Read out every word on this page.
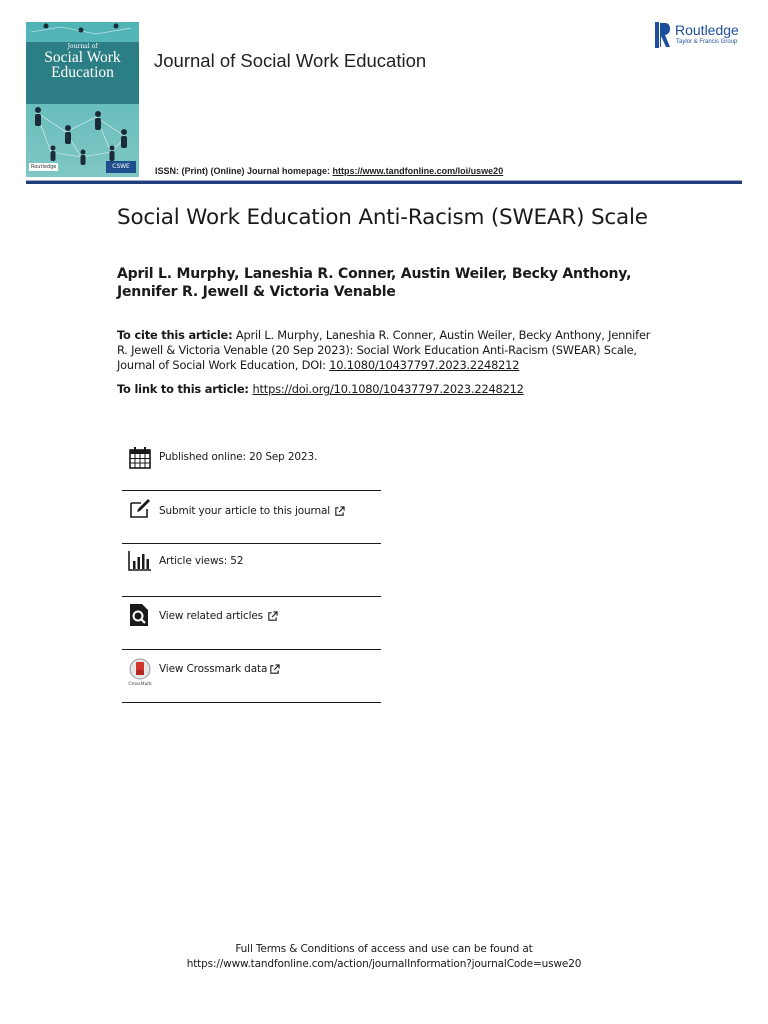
Journal of
Social Work
Education

Routledge	CSWE
Journal of Social Work Education
Routledge
Taylor & Francis Group
ISSN: (Print) (Online) Journal homepage: https://www.tandfonline.com/loi/uswe20
Social Work Education Anti-Racism (SWEAR) Scale
April L. Murphy, Laneshia R. Conner, Austin Weiler, Becky Anthony, Jennifer R. Jewell & Victoria Venable
To cite this article: April L. Murphy, Laneshia R. Conner, Austin Weiler, Becky Anthony, Jennifer R. Jewell & Victoria Venable (20 Sep 2023): Social Work Education Anti-Racism (SWEAR) Scale, Journal of Social Work Education, DOI: 10.1080/10437797.2023.2248212
To link to this article: https://doi.org/10.1080/10437797.2023.2248212
Published online: 20 Sep 2023.
Submit your article to this journal
Article views: 52
View related articles
CrossMark
View Crossmark data
Full Terms & Conditions of access and use can be found at
https://www.tandfonline.com/action/journalInformation?journalCode=uswe20
